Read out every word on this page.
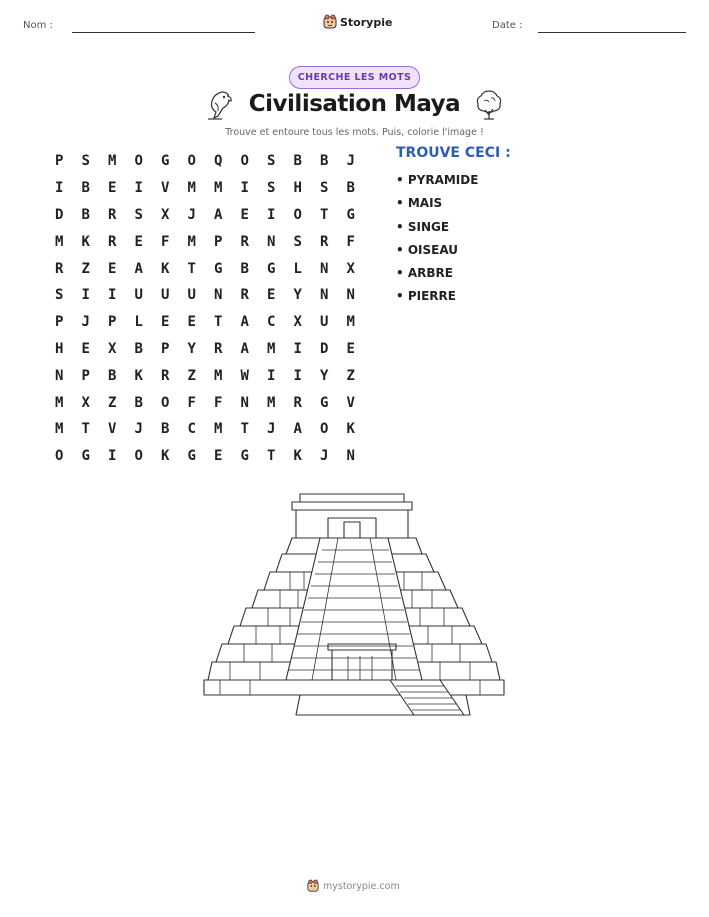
Nom :	Storypie	Date :
CHERCHE LES MOTS
Civilisation Maya
Trouve et entoure tous les mots. Puis, colorie l'image !
P	S	M	O	G	O	Q	O	S	B	B	J
I	B	E	I	V	M	M	I	S	H	S	B
D	B	R	S	X	J	A	E	I	O	T	G
M	K	R	E	F	M	P	R	N	S	R	F
R	Z	E	A	K	T	G	B	G	L	N	X
S	I	I	U	U	U	N	R	E	Y	N	N
P	J	P	L	E	E	T	A	C	X	U	M
H	E	X	B	P	Y	R	A	M	I	D	E
N	P	B	K	R	Z	M	W	I	I	Y	Z
M	X	Z	B	O	F	F	N	M	R	G	V
M	T	V	J	B	C	M	T	J	A	O	K
O	G	I	O	K	G	E	G	T	K	J	N
TROUVE CECI :
• PYRAMIDE
• MAIS
• SINGE
• OISEAU
• ARBRE
• PIERRE
mystorypie.com
